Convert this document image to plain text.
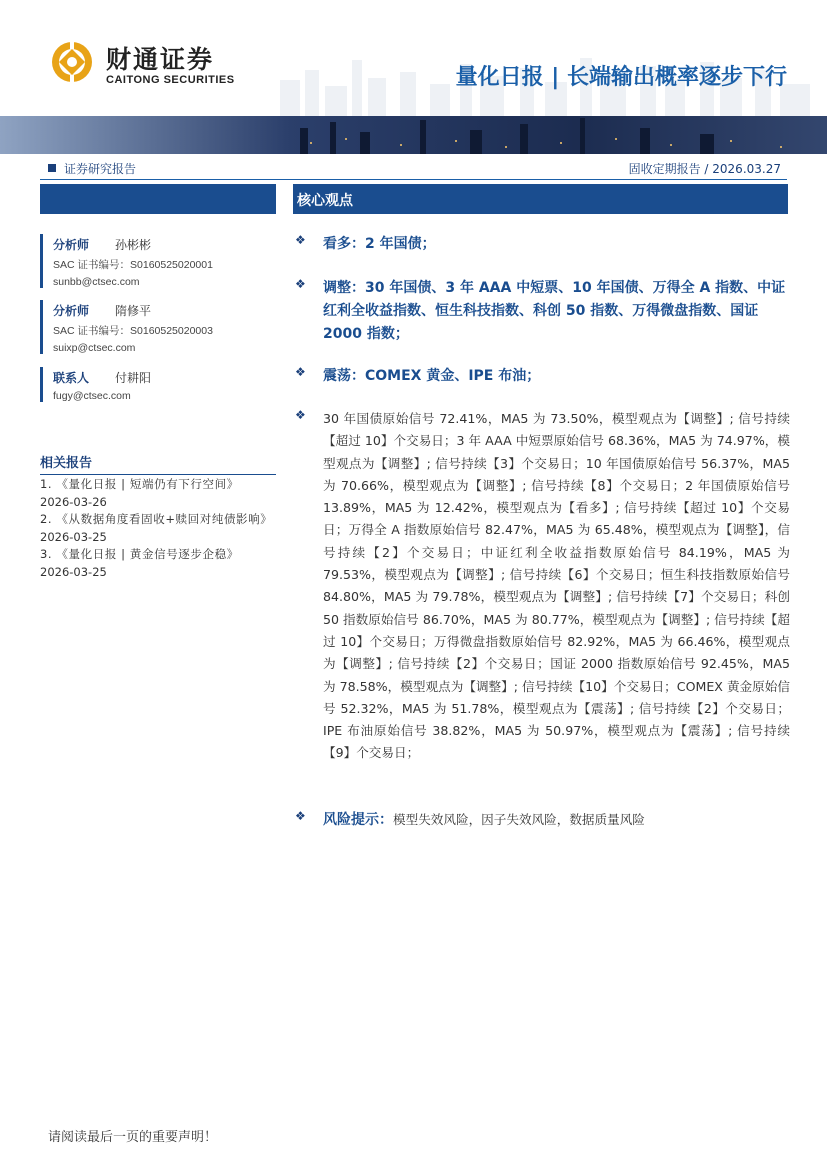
财通证券
CAITONG SECURITIES	量化日报 | 长端输出概率逐步下行
证券研究报告	固收定期报告 / 2026.03.27
分析师 孙彬彬
SAC 证书编号：S0160525020001
sunbb@ctsec.com
分析师 隋修平
SAC 证书编号：S0160525020003
suixp@ctsec.com
联系人 付耕阳
fugy@ctsec.com
相关报告
1. 《量化日报 | 短端仍有下行空间》
2026-03-26
2. 《从数据角度看固收+赎回对纯债影响》
2026-03-25
3. 《量化日报 | 黄金信号逐步企稳》
2026-03-25
核心观点
❖ 看多：2 年国债；
❖ 调整：30 年国债、3 年 AAA 中短票、10 年国债、万得全 A 指数、中证红利全收益指数、恒生科技指数、科创 50 指数、万得微盘指数、国证 2000 指数；
❖ 震荡：COMEX 黄金、IPE 布油；
❖ 30 年国债原始信号 72.41%，MA5 为 73.50%，模型观点为【调整】; 信号持续【超过 10】个交易日；3 年 AAA 中短票原始信号 68.36%，MA5 为 74.97%，模型观点为【调整】; 信号持续【3】个交易日；10 年国债原始信号 56.37%，MA5 为 70.66%，模型观点为【调整】; 信号持续【8】个交易日；2 年国债原始信号 13.89%，MA5 为 12.42%，模型观点为【看多】; 信号持续【超过 10】个交易日；万得全 A 指数原始信号 82.47%，MA5 为 65.48%，模型观点为【调整】，信号持续【2】个交易日；中证红利全收益指数原始信号 84.19%，MA5 为 79.53%，模型观点为【调整】; 信号持续【6】个交易日；恒生科技指数原始信号 84.80%，MA5 为 79.78%，模型观点为【调整】; 信号持续【7】个交易日；科创 50 指数原始信号 86.70%，MA5 为 80.77%，模型观点为【调整】; 信号持续【超过 10】个交易日；万得微盘指数原始信号 82.92%，MA5 为 66.46%，模型观点为【调整】; 信号持续【2】个交易日；国证 2000 指数原始信号 92.45%，MA5 为 78.58%，模型观点为【调整】; 信号持续【10】个交易日；COMEX 黄金原始信号 52.32%，MA5 为 51.78%，模型观点为【震荡】; 信号持续【2】个交易日；IPE 布油原始信号 38.82%，MA5 为 50.97%，模型观点为【震荡】; 信号持续【9】个交易日；
❖ 风险提示：模型失效风险，因子失效风险，数据质量风险
请阅读最后一页的重要声明！
